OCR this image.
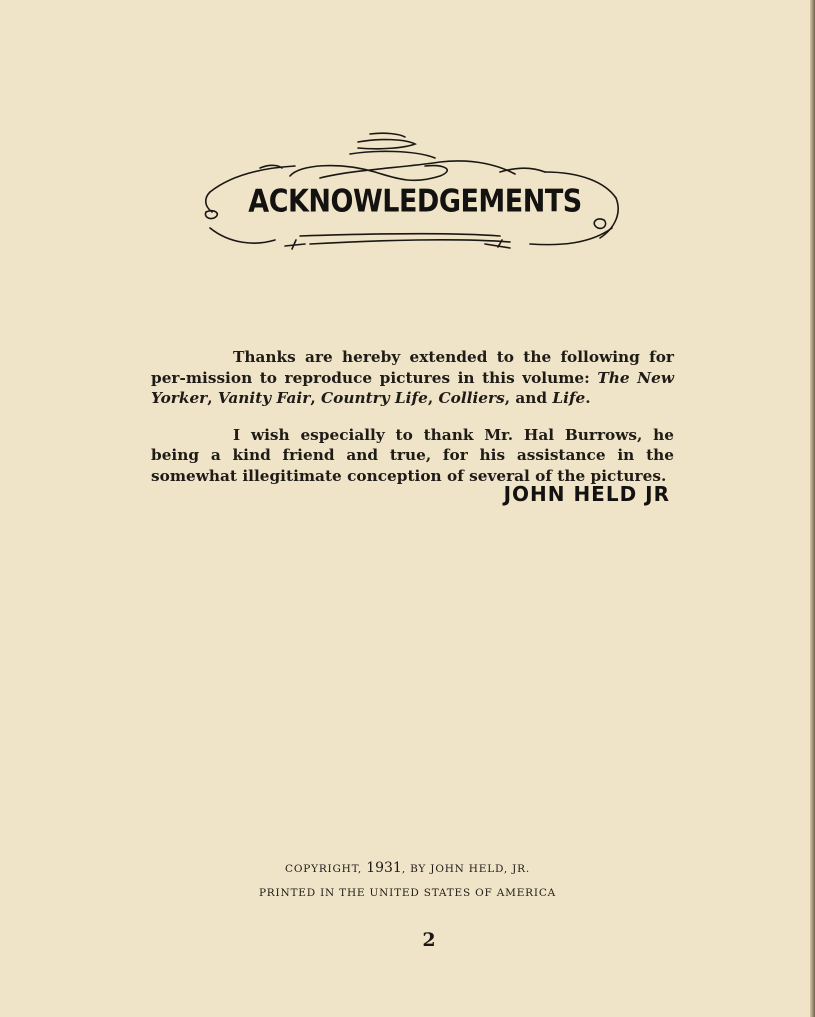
ACKNOWLEDGEMENTS

Thanks are hereby extended to the following for per-mission to reproduce pictures in this volume: The New Yorker, Vanity Fair, Country Life, Colliers, and Life.

I wish especially to thank Mr. Hal Burrows, he being a kind friend and true, for his assistance in the somewhat illegitimate conception of several of the pictures.

JOHN HELD JR
COPYRIGHT, 1931, BY JOHN HELD, JR.
PRINTED IN THE UNITED STATES OF AMERICA
2
